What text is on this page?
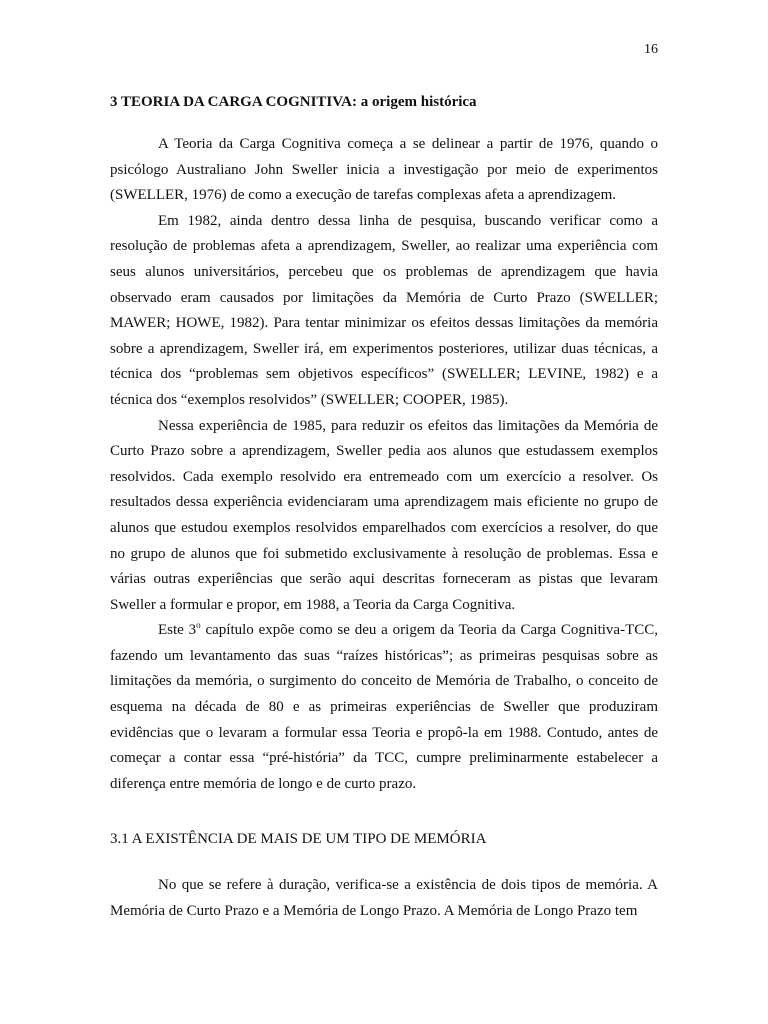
16
3 TEORIA DA CARGA COGNITIVA: a origem histórica

A Teoria da Carga Cognitiva começa a se delinear a partir de 1976, quando o psicólogo Australiano John Sweller inicia a investigação por meio de experimentos (SWELLER, 1976) de como a execução de tarefas complexas afeta a aprendizagem.

Em 1982, ainda dentro dessa linha de pesquisa, buscando verificar como a resolução de problemas afeta a aprendizagem, Sweller, ao realizar uma experiência com seus alunos universitários, percebeu que os problemas de aprendizagem que havia observado eram causados por limitações da Memória de Curto Prazo (SWELLER; MAWER; HOWE, 1982). Para tentar minimizar os efeitos dessas limitações da memória sobre a aprendizagem, Sweller irá, em experimentos posteriores, utilizar duas técnicas, a técnica dos “problemas sem objetivos específicos” (SWELLER; LEVINE, 1982) e a técnica dos “exemplos resolvidos” (SWELLER; COOPER, 1985).

Nessa experiência de 1985, para reduzir os efeitos das limitações da Memória de Curto Prazo sobre a aprendizagem, Sweller pedia aos alunos que estudassem exemplos resolvidos. Cada exemplo resolvido era entremeado com um exercício a resolver. Os resultados dessa experiência evidenciaram uma aprendizagem mais eficiente no grupo de alunos que estudou exemplos resolvidos emparelhados com exercícios a resolver, do que no grupo de alunos que foi submetido exclusivamente à resolução de problemas. Essa e várias outras experiências que serão aqui descritas forneceram as pistas que levaram Sweller a formular e propor, em 1988, a Teoria da Carga Cognitiva.

Este 3$^o$ capítulo expõe como se deu a origem da Teoria da Carga Cognitiva-TCC, fazendo um levantamento das suas “raízes históricas”; as primeiras pesquisas sobre as limitações da memória, o surgimento do conceito de Memória de Trabalho, o conceito de esquema na década de 80 e as primeiras experiências de Sweller que produziram evidências que o levaram a formular essa Teoria e propô-la em 1988. Contudo, antes de começar a contar essa “pré-história” da TCC, cumpre preliminarmente estabelecer a diferença entre memória de longo e de curto prazo.

3.1 A EXISTÊNCIA DE MAIS DE UM TIPO DE MEMÓRIA

No que se refere à duração, verifica-se a existência de dois tipos de memória. A Memória de Curto Prazo e a Memória de Longo Prazo. A Memória de Longo Prazo tem
